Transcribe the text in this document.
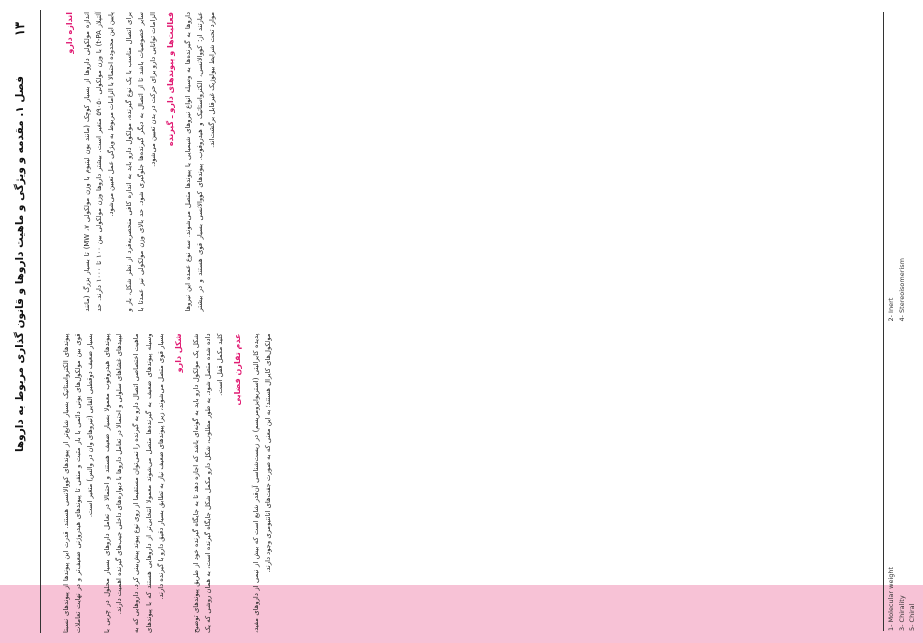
۱۳
فصل ۱. مقدمه و ویژگی و ماهیت داروها و قانون گذاری مربوط به داروها
اندازه دارو

اندازه مولکولی داروها از بسیار کوچک (مانند یون لیتیوم با وزن مولکولی ۷، MW) تا بسیار بزرگ (مانند آلتپلاز t-PA) با وزن مولکولی ۵۹۰۵۰ متغیر است. بیشتر داروها وزن مولکولی بین ۱۰۰ تا ۱۰۰۰ دارند. حد پایین این محدوده احتمالا با الزامات مربوط به ویژگی عمل تعیین می‌شود.	برای اتصال مناسب با یک نوع گیرنده، مولکول دارو باید به اندازه کافی منحصربه‌فرد از نظر شکل، بار و سایر خصوصیات باشد تا از اتصال به دیگر گیرنده‌ها جلوگیری شود. حد بالای وزن مولکولی نیز عمدتا با الزامات توانایی دارو برای حرکت در بدن تعیین می‌شود. فعالیت‌ها و پیوندهای دارو ـ گیرنده	داروها به گیرنده‌ها به وسیله انواع نیروهای شیمیایی یا پیوندها متصل می‌شوند. سه نوع عمده این نیروها عبارتند از: کووالانسی، الکترواستاتیک و هیدروفوب. پیوندهای کووالانسی بسیار قوی هستند و در بیشتر موارد تحت شرایط بیولوژیک غیرقابل برگشت‌اند.

پیوندهای الکترواستاتیک بسیار شایع‌تر از پیوندهای کووالانسی هستند. قدرت این پیوندها از پیوندهای نسبتا قوی بین مولکول‌های یونی دائمی با بار مثبت و منفی تا پیوندهای هیدروژنی ضعیف‌تر و در نهایت تعاملات بسیار ضعیف دوقطبی القایی (نیروهای وان در والس) متغیر است.	پیوندهای هیدروفوب معمولا بسیار ضعیف هستند و احتمالا در تعامل داروهای بسیار محلول در چربی با لیپیدهای غشاهای سلولی و احتمالا در تعامل داروها با دیواره‌های داخلی جیب‌های گیرنده اهمیت دارند.	ماهیت اختصاصی اتصال دارو به گیرنده را نمی‌توان مستقیما از روی نوع پیوند پیش‌بینی کرد. داروهایی که به وسیله پیوندهای ضعیف به گیرنده‌ها متصل می‌شوند معمولا انتخابی‌تر از داروهایی هستند که با پیوندهای بسیار قوی متصل می‌شوند، زیرا پیوندهای ضعیف نیاز به تطابق بسیار دقیق دارو با گیرنده دارند. شکل دارو	شکل یک مولکول دارو باید به گونه‌ای باشد که اجازه دهد تا به جایگاه گیرنده خود از طریق پیوندهای توضیح داده شده متصل شود. به طور مطلوب، شکل دارو مکمل شکل جایگاه گیرنده است، به همان روشی که یک کلید مکمل قفل است. عدم تقارن فضایی	پدیده کایرالیتی (استریوایزومریسم) در زیست‌شناسی آن‌قدر شایع است که بیش از نیمی از داروهای مفید، مولکول‌های کایرال هستند؛ به این معنی که به صورت جفت‌های انانتیومری وجود دارند.

1- Molecular weight
2- Inert
3- Chirality
4- Stereoisomerism
5- Chiral
